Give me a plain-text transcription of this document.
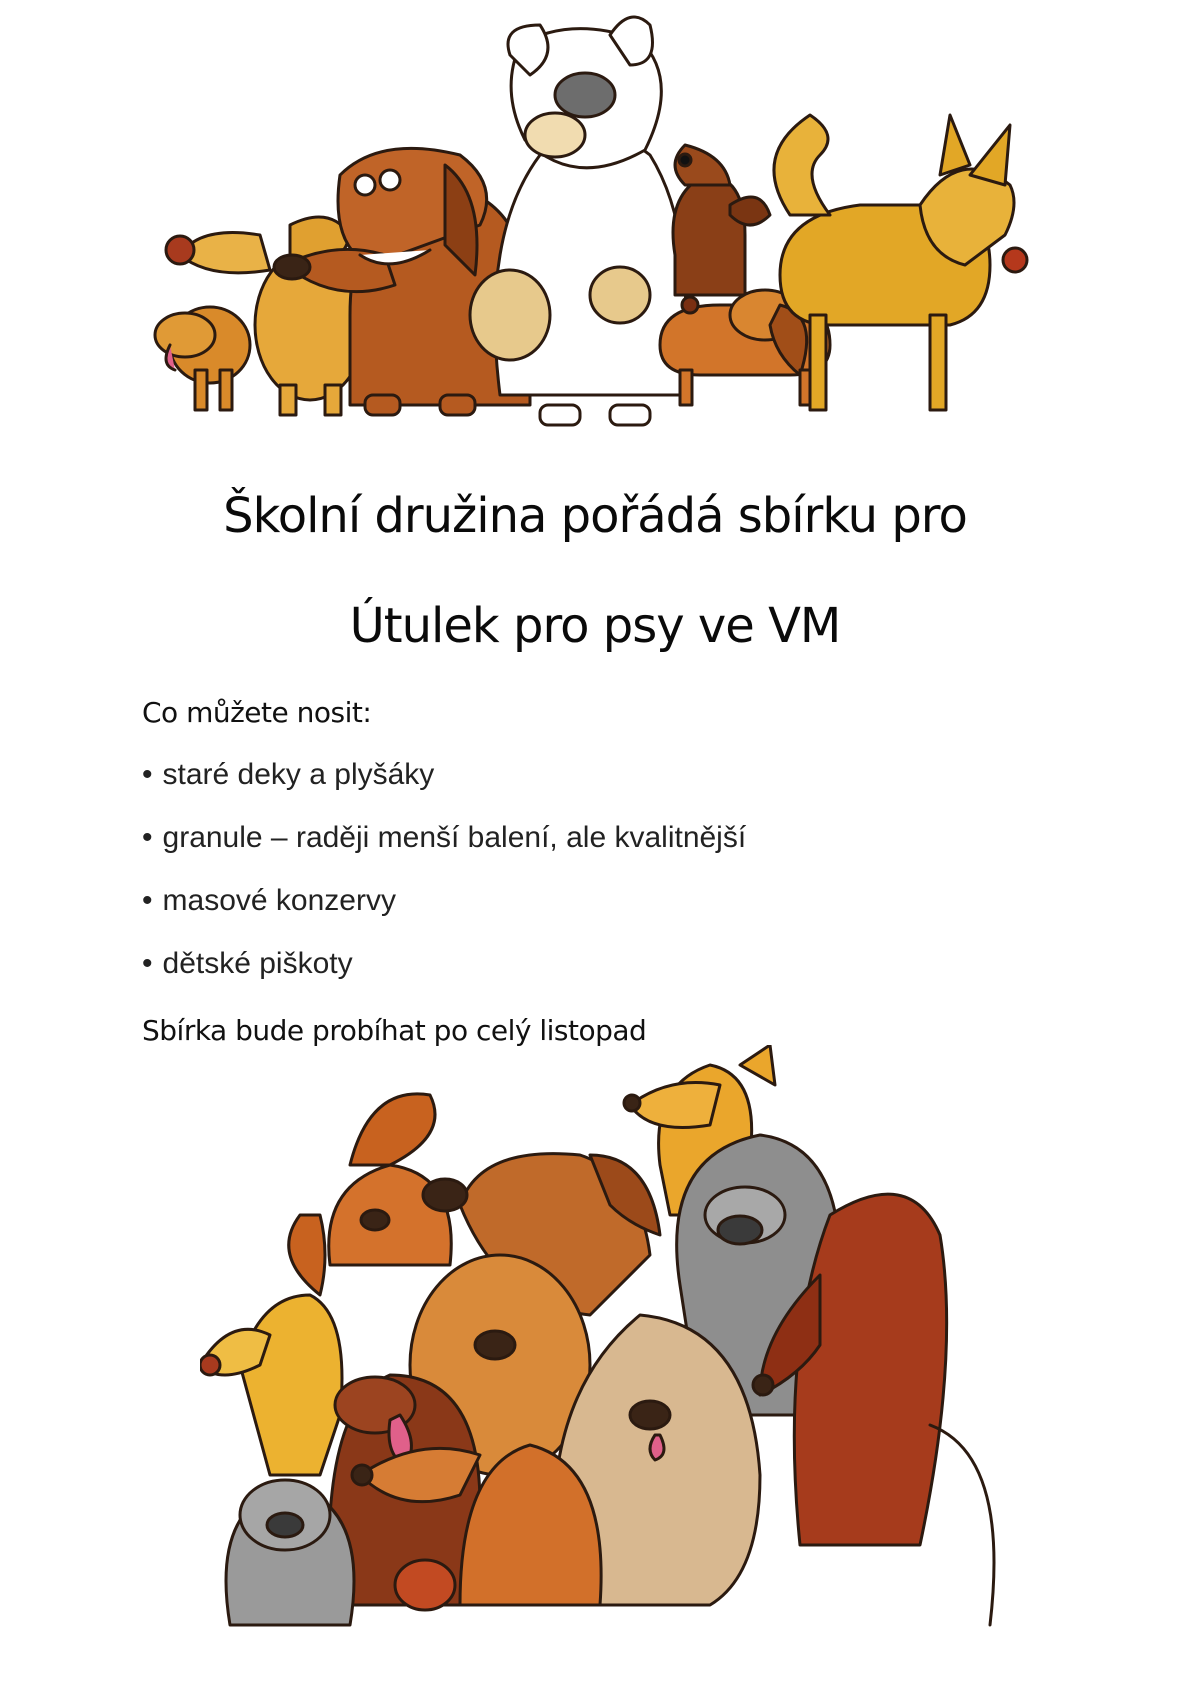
Školní družina pořádá sbírku pro
Útulek pro psy ve VM
Co můžete nosit:
• staré deky a plyšáky
• granule – raději menší balení, ale kvalitnější
• masové konzervy
• dětské piškoty
Sbírka bude probíhat po celý listopad
